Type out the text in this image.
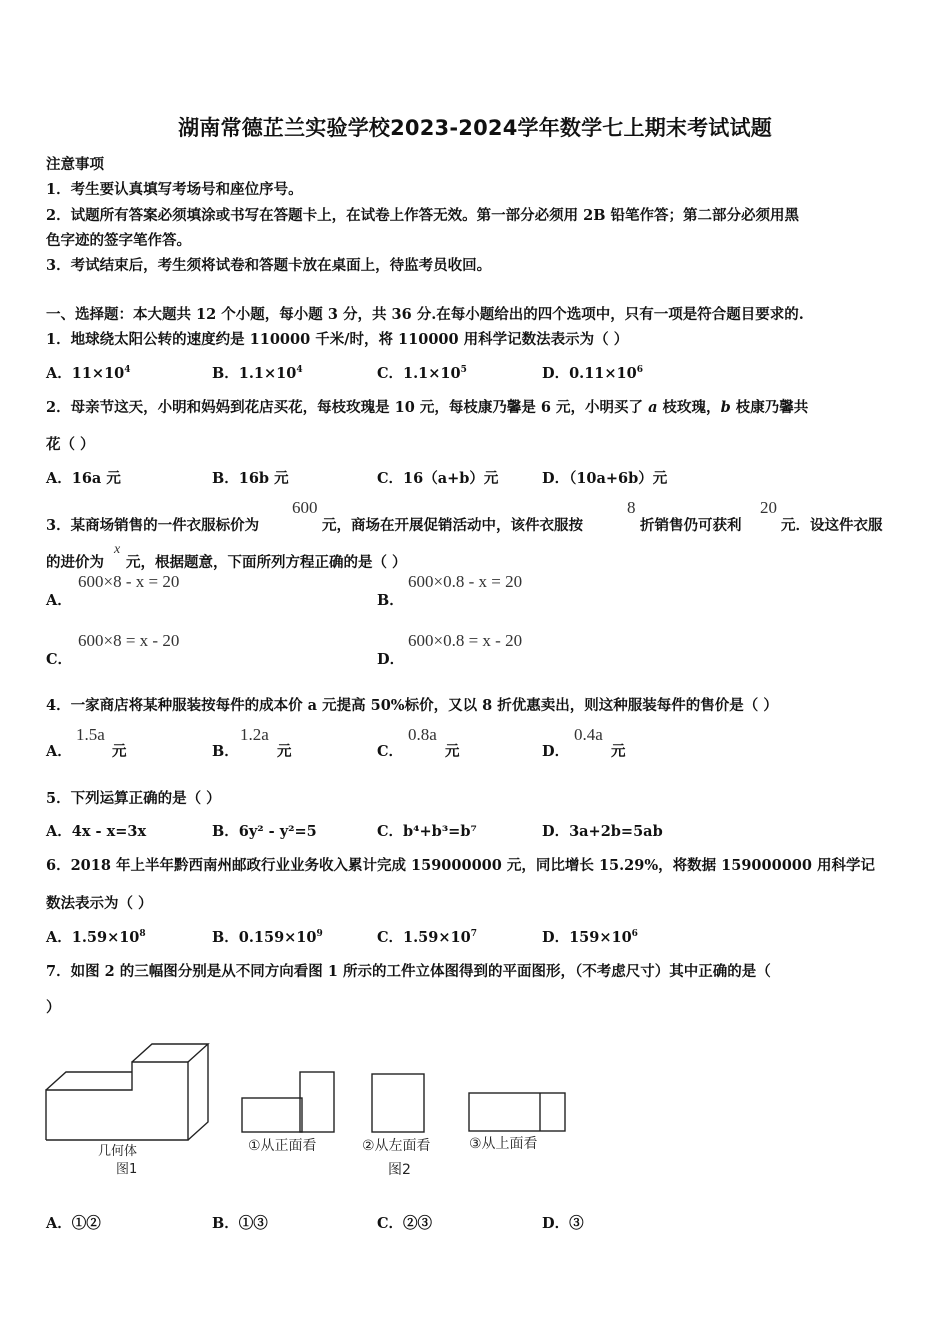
湖南常德芷兰实验学校2023-2024学年数学七上期末考试试题
注意事项
1．考生要认真填写考场号和座位序号。
2．试题所有答案必须填涂或书写在答题卡上，在试卷上作答无效。第一部分必须用 2B 铅笔作答；第二部分必须用黑
色字迹的签字笔作答。
3．考试结束后，考生须将试卷和答题卡放在桌面上，待监考员收回。
一、选择题：本大题共 12 个小题，每小题 3 分，共 36 分.在每小题给出的四个选项中，只有一项是符合题目要求的.
1．地球绕太阳公转的速度约是 110000 千米/时，将 110000 用科学记数法表示为（ ）
A．$11\times 10^4$	B．$1.1\times 10^4$	C．$1.1\times 10^5$	D．$0.11\times 10^6$
2．母亲节这天，小明和妈妈到花店买花，每枝玫瑰是 10 元，每枝康乃馨是 6 元，小明买了 a 枝玫瑰，b 枝康乃馨共
花（ ）
A．16a 元	B．16b 元	C．16（a+b）元	D．（10a+6b）元
3．某商场销售的一件衣服标价为
600
元，商场在开展促销活动中，该件衣服按
8
折销售仍可获利
20
元．设这件衣服
的进价为
x
元，根据题意，下面所列方程正确的是（ ）
A．
600×8 - x = 20
B．
600×0.8 - x = 20
C．
600×8 = x - 20
D．
600×0.8 = x - 20
4．一家商店将某种服装按每件的成本价 a 元提高 50%标价，又以 8 折优惠卖出，则这种服装每件的售价是（ ）
A．
1.5a
元	B．
1.2a
元	C．
0.8a
元	D．
0.4a
元
5．下列运算正确的是（ ）
A．4x - x=3x	B．6y² - y²=5	C．b⁴+b³=b⁷	D．3a+2b=5ab
6．2018 年上半年黔西南州邮政行业业务收入累计完成 159000000 元，同比增长 15.29%，将数据 159000000 用科学记
数法表示为（ ）
A．$1.59\times 10^8$	B．$0.159\times 10^9$	C．$1.59\times 10^7$	D．$159\times 10^6$
7．如图 2 的三幅图分别是从不同方向看图 1 所示的工件立体图得到的平面图形，（不考虑尺寸）其中正确的是（
）
几何体
图1
①从正面看	②从左面看	③从上面看
图2
A．①②	B．①③	C．②③	D．③
